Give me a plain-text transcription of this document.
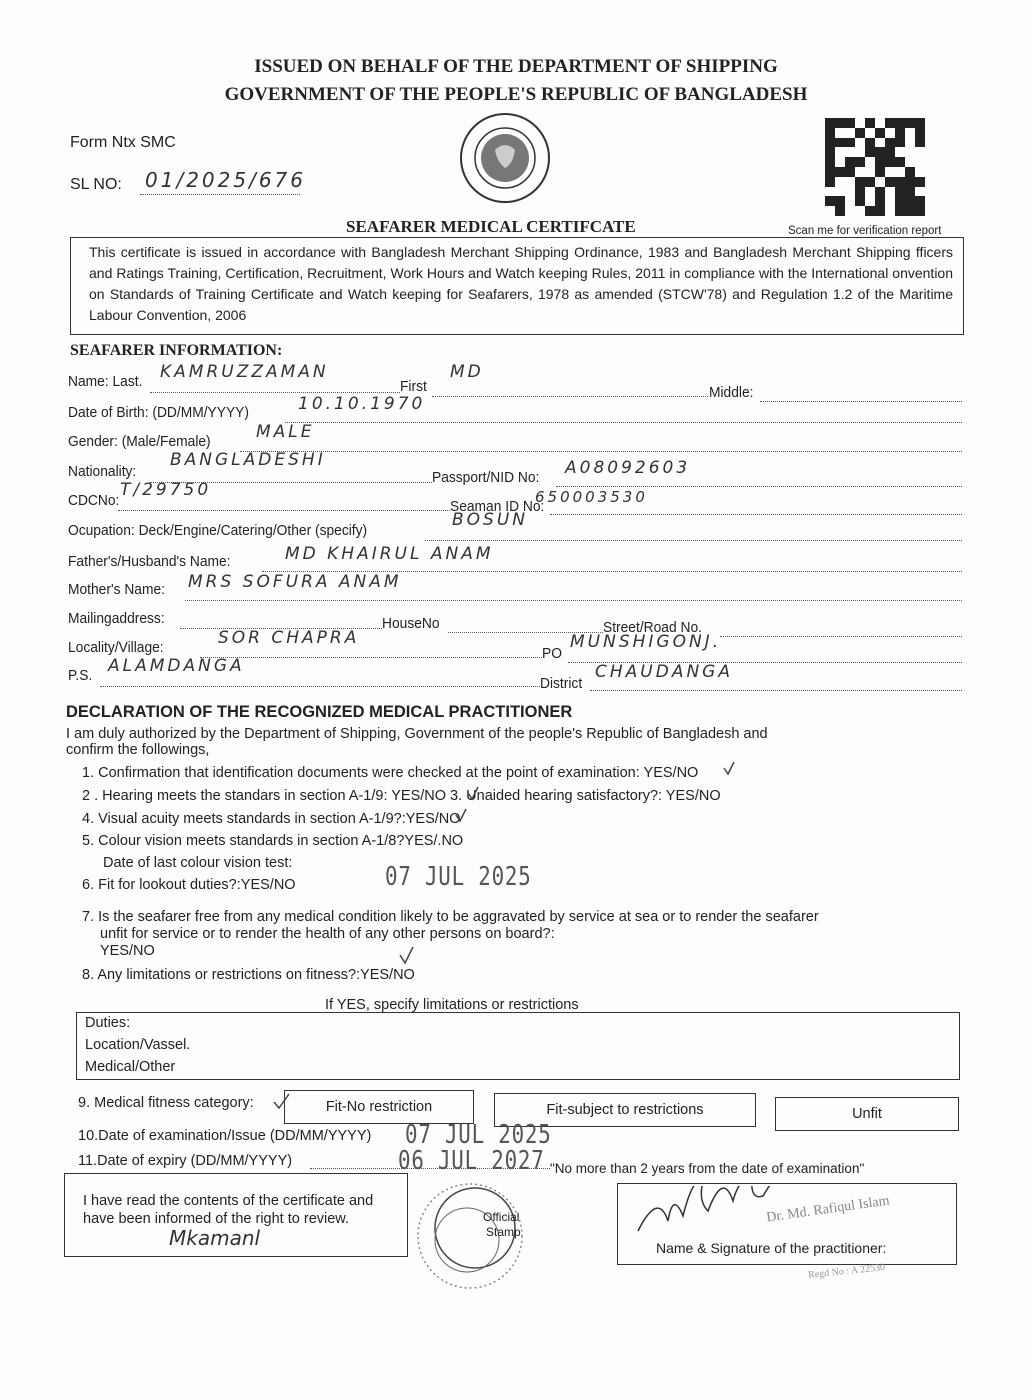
ISSUED ON BEHALF OF THE DEPARTMENT OF SHIPPING
GOVERNMENT OF THE PEOPLE'S REPUBLIC OF BANGLADESH
Form Ntx SMC
SL NO: 01/2025/676
Scan me for verification report
SEAFARER MEDICAL CERTIFCATE
This certificate is issued in accordance with Bangladesh Merchant Shipping Ordinance, 1983 and Bangladesh Merchant Shipping fficers and Ratings Training, Certification, Recruitment, Work Hours and Watch keeping Rules, 2011 in compliance with the International onvention on Standards of Training Certificate and Watch keeping for Seafarers, 1978 as amended (STCW'78) and Regulation 1.2 of the Maritime Labour Convention, 2006
SEAFARER INFORMATION:
Name: Last. KAMRUZZAMAN
First
MD
Middle:
Date of Birth: (DD/MM/YYYY)	10.10.1970
Gender: (Male/Female)	MALE
Nationality:
BANGLADESHI
Passport/NID No: A08092603
CDCNo:
T/29750
Seaman ID No:
650003530
Ocupation: Deck/Engine/Catering/Other (specify)
BOSUN
Father's/Husband's Name:	MD KHAIRUL ANAM
Mother's Name: MRS SOFURA ANAM
Mailingaddress:	HouseNo	Street/Road No.
Locality/Village:	SOR CHAPRA
PO
MUNSHIGONJ.
P.S. ALAMDANGA
District
CHAUDANGA
DECLARATION OF THE RECOGNIZED MEDICAL PRACTITIONER
I am duly authorized by the Department of Shipping, Government of the people's Republic of Bangladesh and
confirm the followings,
1. Confirmation that identification documents were checked at the point of examination: YES/NO
2 . Hearing meets the standars in section A-1/9: YES/NO 3. Unaided hearing satisfactory?: YES/NO
4. Visual acuity meets standards in section A-1/9?:YES/NO
5. Colour vision meets standards in section A-1/8?YES/.NO
Date of last colour vision test:	07 JUL 2025
6. Fit for lookout duties?:YES/NO
7. Is the seafarer free from any medical condition likely to be aggravated by service at sea or to render the seafarer
unfit for service or to render the health of any other persons on board?:
YES/NO
8. Any limitations or restrictions on fitness?:YES/NO
If YES, specify limitations or restrictions
Duties:
Location/Vassel.
Medical/Other
9. Medical fitness category:	Fit-No restriction	Fit-subject to restrictions	Unfit
10.Date of examination/Issue (DD/MM/YYYY) 07 JUL 2025
11.Date of expiry (DD/MM/YYYY)	06 JUL 2027 "No more than 2 years from the date of examination"
I have read the contents of the certificate and have been informed of the right to review.
Mkamanl
Official
Stamp
Dr. Md. Rafiqul Islam
Name & Signature of the practitioner:
Regd No : A 22530
